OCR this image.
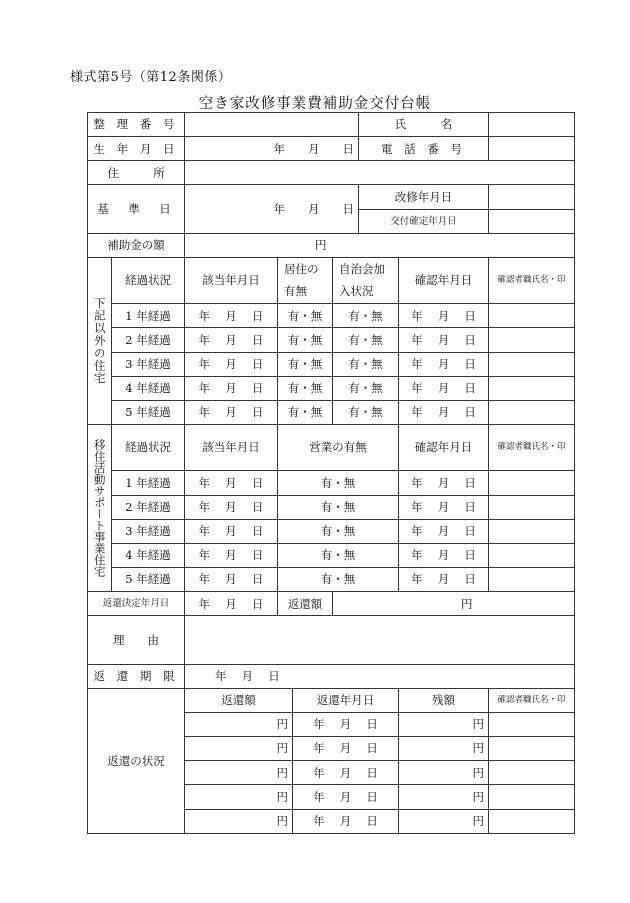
様式第5号（第12条関係）
空き家改修事業費補助金交付台帳
整 理 番 号						氏　　　名		
生 年 月 日		年　　月　　日				電 話 番 号		
住　　　所								
基　準　日		年　　月　　日				改修年月日		
						交付確定年月日		
補助金の額		円						
下記以外の住宅	経過状況	該当年月日	居住の有無		自治会加入状況		確認年月日	確認者職氏名・印
	1 年経過	年　 月　 日	有・無		有・無		年　 月　 日	
	2 年経過	年　 月　 日	有・無		有・無		年　 月　 日	
	3 年経過	年　 月　 日	有・無		有・無		年　 月　 日	
	4 年経過	年　 月　 日	有・無		有・無		年　 月　 日	
	5 年経過	年　 月　 日	有・無		有・無		年　 月　 日	
移住活動サポート事業住宅	経過状況	該当年月日	営業の有無				確認年月日	確認者職氏名・印
	1 年経過	年　 月　 日	有・無				年　 月　 日	
	2 年経過	年　 月　 日	有・無				年　 月　 日	
	3 年経過	年　 月　 日	有・無				年　 月　 日	
	4 年経過	年　 月　 日	有・無				年　 月　 日	
	5 年経過	年　 月　 日	有・無				年　 月　 日	
返還決定年月日		年　 月　 日	返還額		円			
理　　由								
返 還 期 限		年　 月　 日						
返還の状況		返還額		返還年月日			残額	確認者職氏名・印
		円		年　 月　 日			円	
		円		年　 月　 日			円	
		円		年　 月　 日			円	
		円		年　 月　 日			円	
		円		年　 月　 日			円	
